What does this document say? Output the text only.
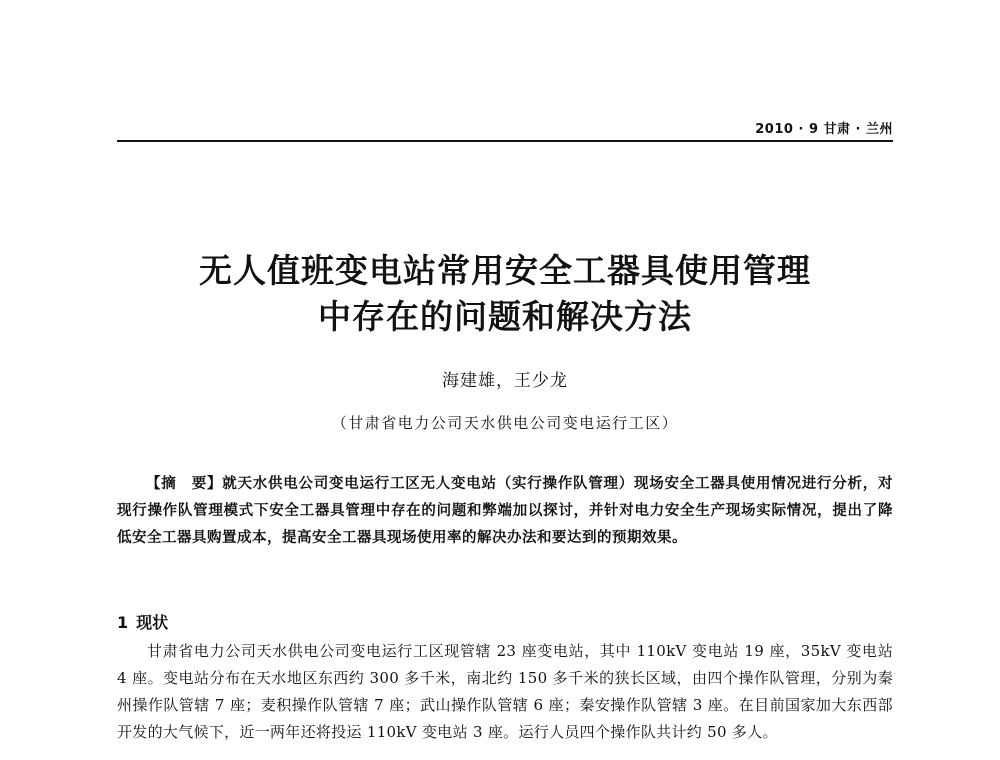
2010 · 9 甘肃 · 兰州
无人值班变电站常用安全工器具使用管理
中存在的问题和解决方法
海建雄，王少龙
（甘肃省电力公司天水供电公司变电运行工区）
【摘　要】就天水供电公司变电运行工区无人变电站（实行操作队管理）现场安全工器具使用情况进行分析，对现行操作队管理模式下安全工器具管理中存在的问题和弊端加以探讨，并针对电力安全生产现场实际情况，提出了降低安全工器具购置成本，提高安全工器具现场使用率的解决办法和要达到的预期效果。
1 现状
甘肃省电力公司天水供电公司变电运行工区现管辖 23 座变电站，其中 110kV 变电站 19 座，35kV 变电站 4 座。变电站分布在天水地区东西约 300 多千米，南北约 150 多千米的狭长区域，由四个操作队管理，分别为秦州操作队管辖 7 座；麦积操作队管辖 7 座；武山操作队管辖 6 座；秦安操作队管辖 3 座。在目前国家加大东西部开发的大气候下，近一两年还将投运 110kV 变电站 3 座。运行人员四个操作队共计约 50 多人。
